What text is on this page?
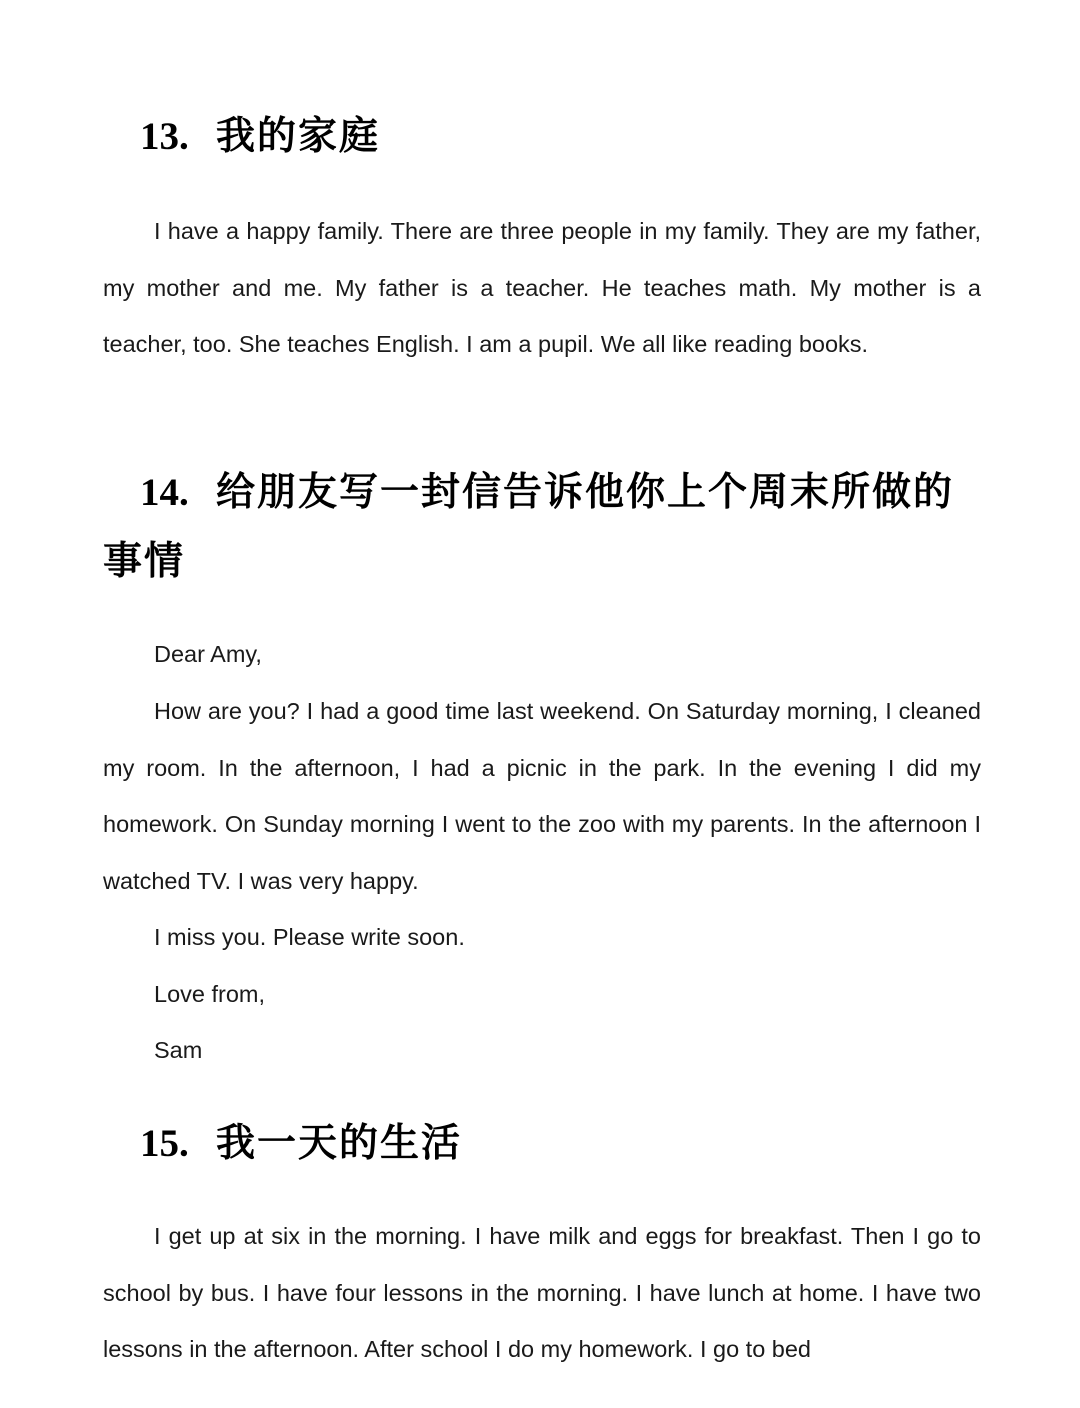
13. 我的家庭

I have a happy family. There are three people in my family. They are my father, my mother and me. My father is a teacher. He teaches math. My mother is a teacher, too. She teaches English. I am a pupil. We all like reading books.

14. 给朋友写一封信告诉他你上个周末所做的事情

Dear Amy,

How are you? I had a good time last weekend. On Saturday morning, I cleaned my room. In the afternoon, I had a picnic in the park. In the evening I did my homework. On Sunday morning I went to the zoo with my parents. In the afternoon I watched TV. I was very happy.

I miss you. Please write soon.

Love from,

Sam

15. 我一天的生活

I get up at six in the morning. I have milk and eggs for breakfast. Then I go to school by bus. I have four lessons in the morning. I have lunch at home. I have two lessons in the afternoon. After school I do my homework. I go to bed
